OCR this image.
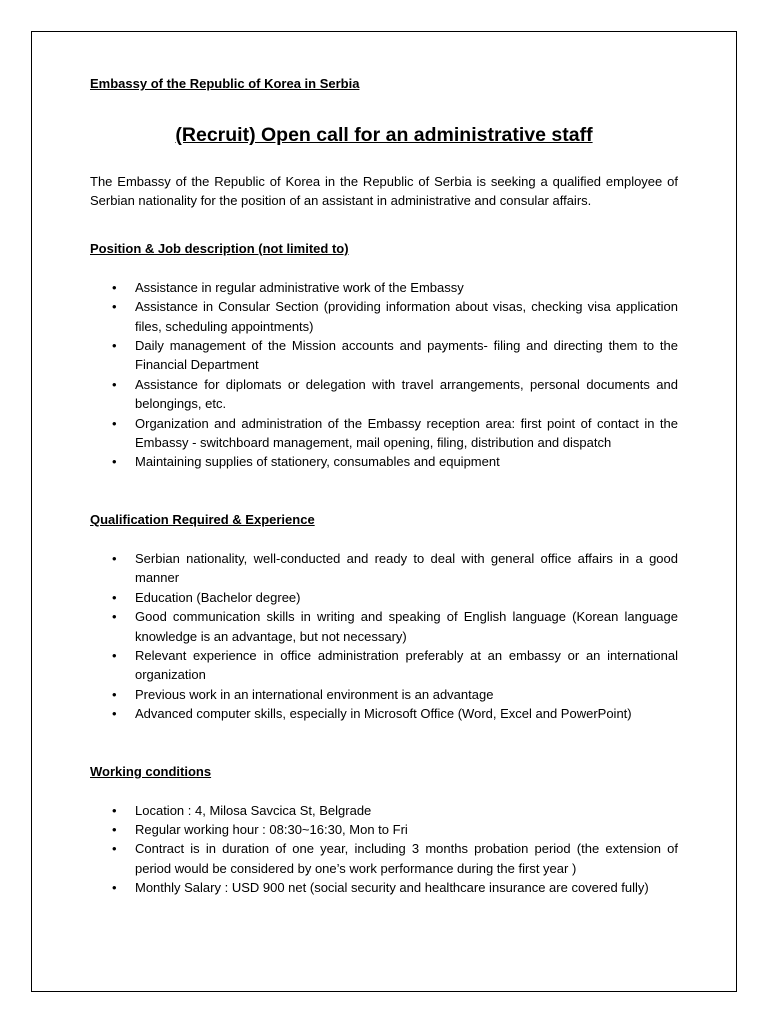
Embassy of the Republic of Korea in Serbia

(Recruit) Open call for an administrative staff

The Embassy of the Republic of Korea in the Republic of Serbia is seeking a qualified employee of Serbian nationality for the position of an assistant in administrative and consular affairs.

Position & Job description (not limited to)

• Assistance in regular administrative work of the Embassy
• Assistance in Consular Section (providing information about visas, checking visa application files, scheduling appointments)
• Daily management of the Mission accounts and payments- filing and directing them to the Financial Department
• Assistance for diplomats or delegation with travel arrangements, personal documents and belongings, etc.
• Organization and administration of the Embassy reception area: first point of contact in the Embassy - switchboard management, mail opening, filing, distribution and dispatch
• Maintaining supplies of stationery, consumables and equipment

Qualification Required & Experience

• Serbian nationality, well-conducted and ready to deal with general office affairs in a good manner
• Education (Bachelor degree)
• Good communication skills in writing and speaking of English language (Korean language knowledge is an advantage, but not necessary)
• Relevant experience in office administration preferably at an embassy or an international organization
• Previous work in an international environment is an advantage
• Advanced computer skills, especially in Microsoft Office (Word, Excel and PowerPoint)

Working conditions

• Location : 4, Milosa Savcica St, Belgrade
• Regular working hour : 08:30~16:30, Mon to Fri
• Contract is in duration of one year, including 3 months probation period (the extension of period would be considered by one’s work performance during the first year )
• Monthly Salary : USD 900 net (social security and healthcare insurance are covered fully)
